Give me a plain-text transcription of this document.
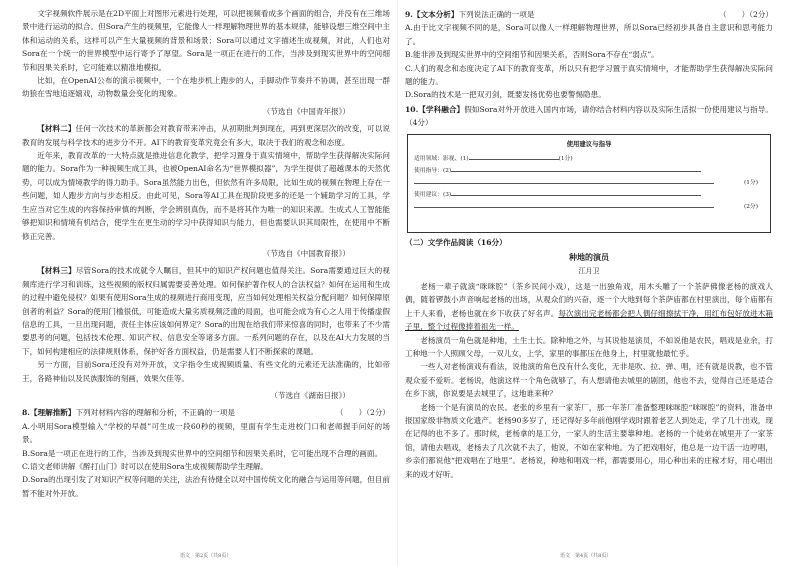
文字视频软件展示是在2D平面上对图形元素进行处理，可以把视频看成多个画面的组合，并没有在三维场景中进行运动的拟合。但Sora产生的视频里，它能像人一样理解物理世界的基本规律，能够设想三维空间中主体和运动的关系，这样可以产生大量视频的背景和场景；Sora可以通过文字描述生成视频，对此，人们也对Sora在一个统一的世界模型中运行寄予了厚望。Sora是一项正在进行的工作，当涉及到现实世界中的空间细节和因果关系时，它可能难以精准地模拟。

比如，在OpenAI公布的演示视频中，一个在地步机上跑步的人，手脚动作节奏并不协调，甚至出现一群幼狼在雪地追逐嬉戏，动物数量会变化的现象。

（节选自《中国青年报》）

【材料二】任何一次技术的革新都会对教育带来冲击，从初期批判到现在，再到更深层次的改变，可以说教育的发展与科学技术的进步分不开。AI下的教育变革究竟会有多大，取决于我们的观念和态度。

近年来，教育改革的一大特点就是推进信息化教学，把学习置身于真实情境中，帮助学生获得解决实际问题的能力。Sora作为一种视频生成工具，也被OpenAI命名为“世界模拟器”，为学生提供了超越课本的天然优势，可以成为情境教学的得力助手。Sora虽然能力出色，但依然有许多局限，比如生成的视频在物理上存在一些问题，如人跑步方向与步态相反。由此可见，Sora等AI工具在现阶段更多的还是一个辅助学习的工具，学生应当对它生成的内容保持审慎的判断，学会辨别真伪，而不是将其作为唯一的知识来源。生成式人工智能能够把知识和情境有机结合，使学生在更生动的学习中获得知识与能力，但也需要认识其局限性，在使用中不断修正完善。

（节选自《中国教育报》）

【材料三】尽管Sora的技术成就令人瞩目，但其中的知识产权问题也值得关注。Sora需要通过巨大的视频库进行学习和训练，这些视频的版权归属需要妥善处理。如何保护著作权人的合法权益？如何在运用和生成的过程中避免侵权？如果有使用Sora生成的视频进行商用变现，应当如何处理相关权益分配问题？如何保障原创者的利益？Sora的使用门槛很低，可能造成大量劣质视频泛滥的局面，也可能会成为有心之人用于传播虚假信息的工具，一旦出现问题，责任主体应该如何界定？Sora的出现在给我们带来惊喜的同时，也带来了不少需要思考的问题，包括技术伦理、知识产权、信息安全等诸多方面。一系列问题的存在，以及在AI大力发展的当下，如何构建相应的法律规则体系，保护好各方面权益，仍是需要人们不断探索的课题。

另一方面，目前Sora还没有对外开放，文字指令生成视频质量、有些文化的元素还无法准确的，比如帝王，各路神仙以及民族服饰的刻画，效果欠佳等。

（节选自《湖南日报》）

8.【理解推断】下列对材料内容的理解和分析，不正确的一项是	（　　）（2分）

A.小明用Sora模型输入“学校的早晨”可生成一段60秒的视频，里面有学生走进校门口和老师握手问好的场景。

B.Sora是一项正在进行的工作，当涉及到现实世界中的空间细节和因果关系时，它可能出现不合理的画面。

C.语文老师讲解《醉打山门》时可以在使用Sora生成视频帮助学生理解。

D.Sora的出现引发了对知识产权等问题的关注，法治有待健全以对中国传统文化的融合与运用等问题，但目前暂不能对外开放。

9.【文本分析】下列说法正确的一项是	（　　）（2分）

A.由于比文字视频不同的是，Sora可以像人一样理解物理世界，所以Sora已经初步具备自主意识和思考能力了。

B.能非涉及到现实世界中的空间细节和因果关系，否则Sora不存在“弱点”。

C.人们的观念和态度决定了AI下的教育变革，所以只有把学习置于真实情境中，才能帮助学生获得解决实际问题的能力。

D.Sora的技术是一把双刃剑，既要发扬优势也要警惕隐患。

10.【学科融合】假如Sora对外开放进入国内市场，请你结合材料内容以及实际生活拟一份使用建议与指导。（4分）

使用建议与指导
适用领域：影视、(1)	(1分)
使用指导：(2)
(1分)
使用建议：(3)
(2分)

（二）文学作品阅读（16分）

种地的演员

江月卫

老杨一辈子就演“咪咪腔”（茶乡民间小戏），这是一出独角戏，用木头雕了一个茶萨佛像老杨的演戏人偶，随着锣鼓小声音响起老杨的出场，从观众们的兴奋，逐一个大地到每个茶萨庙都在村里演出，每个庙都有上千人来看，老杨也就在乡下收获了好名声。每次演出完老杨都会把人偶仔细擦拭干净，用红布包好放进木箱子里，整个过程像捧着祖先一样。

老杨演员一角色就是种地，土生土长。除种地之外，与其说他是演员，不如说他是农民，唱戏是业余，打工种地一个人照顾父母，一双儿女，上学，家里的事都压在他身上，村里就他最忙乎。

一些人对老杨演戏有看法，说他演的角色没有什么变化，无非是吹、拉、弹、唱，还有就是说教，也不管观众爱不爱听。老杨说，他演这样一个角色就够了，有人想请他去城里的剧团，他也不去，觉得自己还是适合在乡下演，你说要是去城里了，这地谁来种？

老杨一个是有演员的农民。老张的乡里有一家茶厂，那一年茶厂准备整理咪咪腔“咪咪腔”的资料，准备申报国家级非物质文化遗产。老杨90多岁了，还记得好多年前他刚学戏时跟着老艺人到处走，学了几十出戏，现在记得的也不多了。那时候，老杨拿的是工分，一家人的生活主要靠种地。老杨的一个徒弟在城里开了一家茶馆，请他去唱戏，老杨去了几次就不去了，他说，不如在家种地。为了把戏唱好，他总是一边干活一边哼唱，乡亲们都说他“把戏唱在了地里”。老杨说，种地和唱戏一样，都需要用心，用心种出来的庄稼才好，用心唱出来的戏才好听。

语文　第2页（共8页）	语文　第4页（共8页）
